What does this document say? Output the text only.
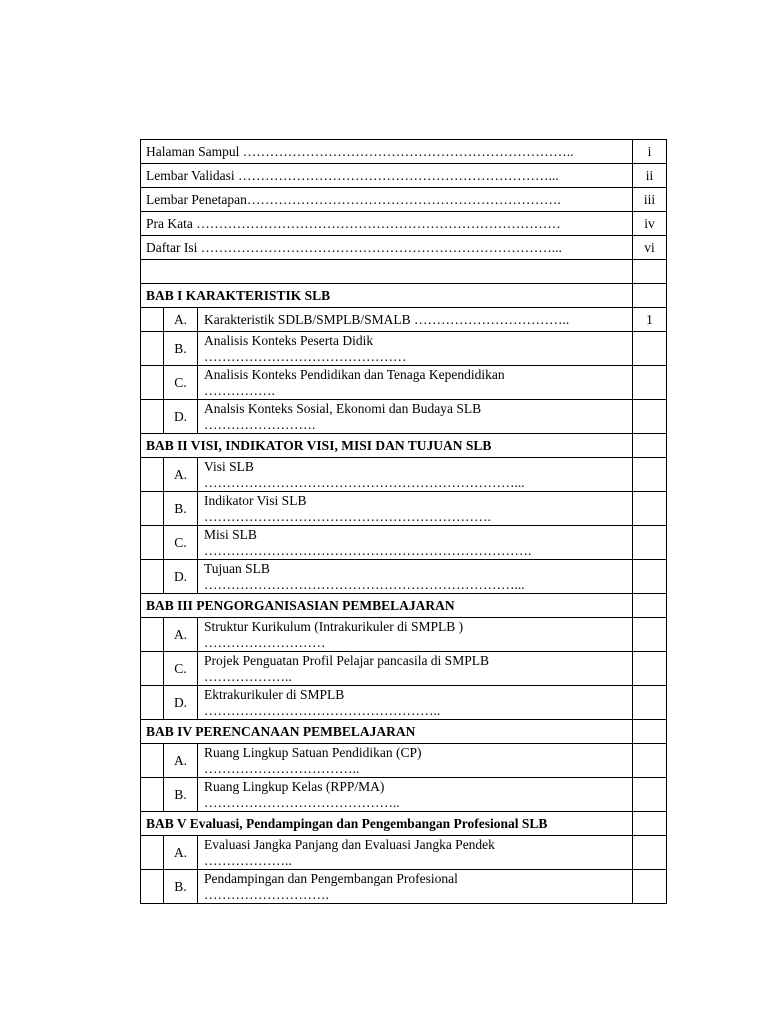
Halaman Sampul ………………………………………………………………..			i
Lembar Validasi ……………………………………………………………...			ii
Lembar Penetapan…………………………………………………………….			iii
Pra Kata ………………………………………………………………………			iv
Daftar Isi ……………………………………………………………………...			vi

BAB I KARAKTERISTIK SLB			
	A.	Karakteristik SDLB/SMPLB/SMALB ……………………………..	1
	B.	Analisis Konteks Peserta Didik
………………………………………	

	C.	Analisis Konteks Pendidikan dan Tenaga Kependidikan
…………….	

	D.	Analsis Konteks Sosial, Ekonomi dan Budaya SLB
…………………….	

BAB II VISI, INDIKATOR VISI, MISI DAN TUJUAN SLB			
	A.	Visi SLB
……………………………………………………………...	

	B.	Indikator Visi SLB
……………………………………………………….	

	C.	Misi SLB
……………………………………………………………….	

	D.	Tujuan SLB
……………………………………………………………...	

BAB III PENGORGANISASIAN PEMBELAJARAN			
	A.	Struktur Kurikulum (Intrakurikuler di SMPLB )
………………………	

	C.	Projek Penguatan Profil Pelajar pancasila di SMPLB
………………..	

	D.	Ektrakurikuler di SMPLB
……………………………………………..	

BAB IV PERENCANAAN PEMBELAJARAN			
	A.	Ruang Lingkup Satuan Pendidikan (CP)
……………………………..	

	B.	Ruang Lingkup Kelas (RPP/MA)
……………………………………..	

BAB V Evaluasi, Pendampingan dan Pengembangan Profesional SLB			
	A.	Evaluasi Jangka Panjang dan Evaluasi Jangka Pendek
………………..	

	B.	Pendampingan dan Pengembangan Profesional
……………………….	
